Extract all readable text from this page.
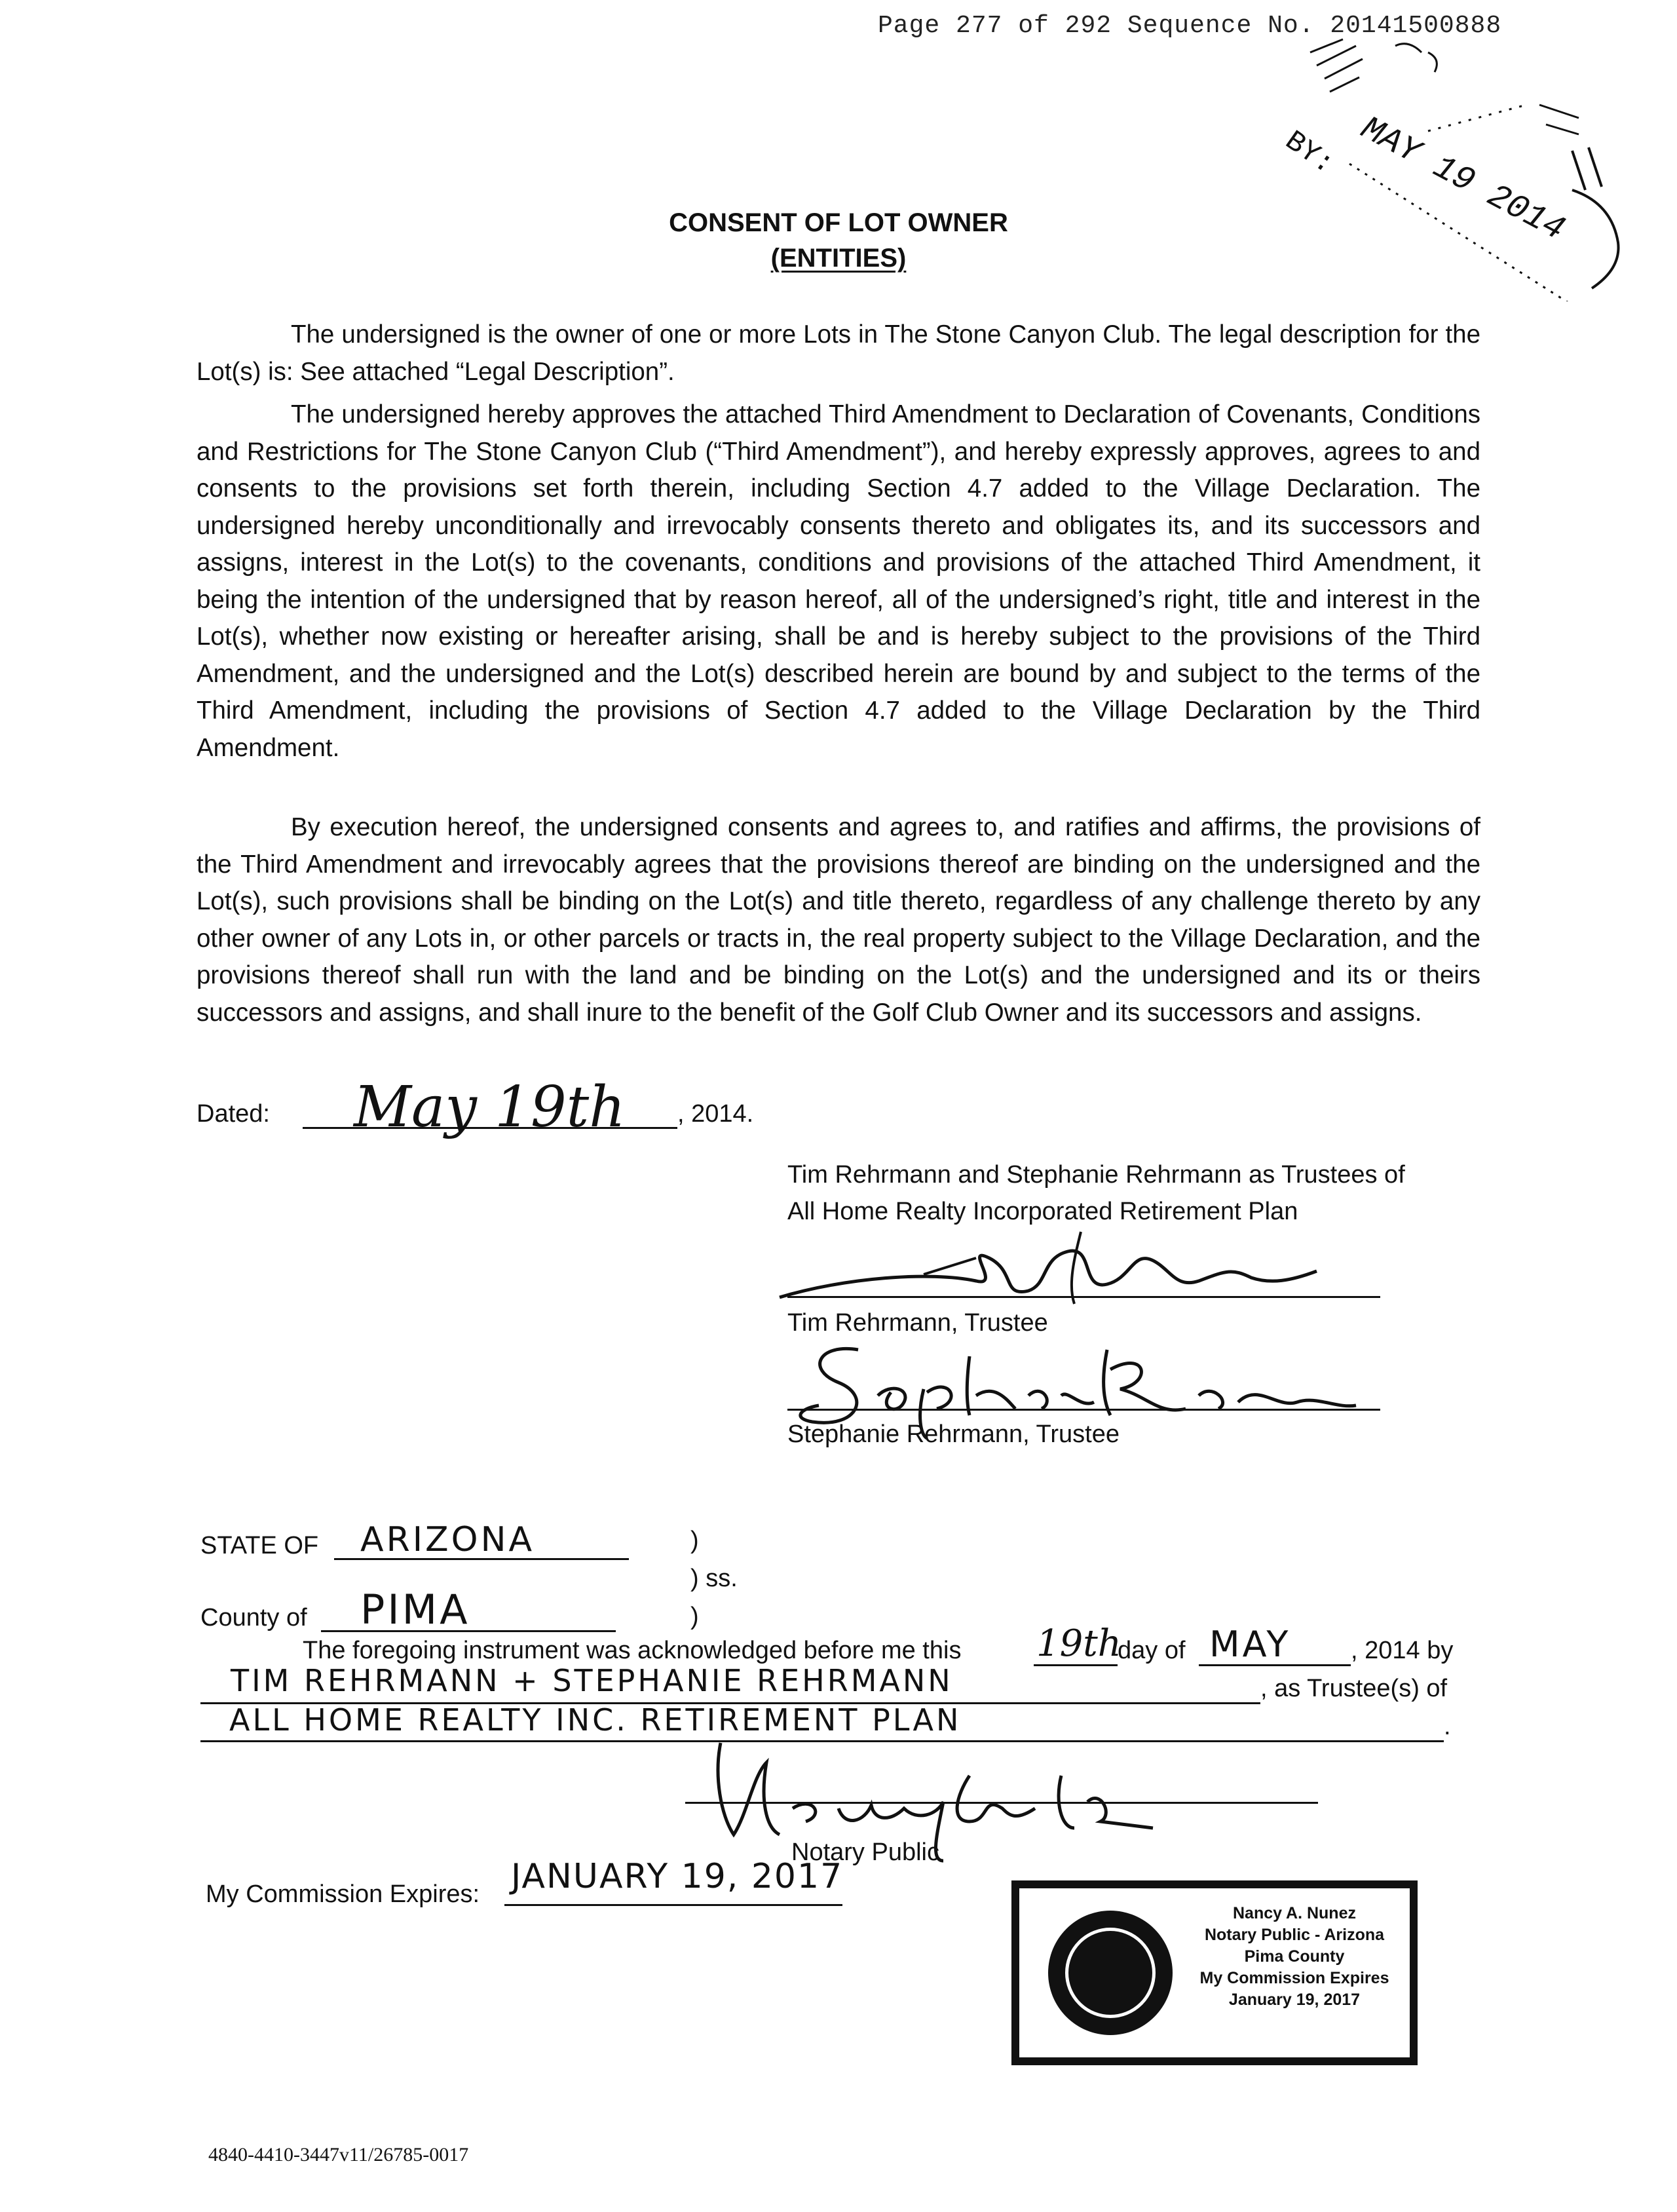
Page 277 of 292 Sequence No. 20141500888
MAY 19 2014
BY:
CONSENT OF LOT OWNER
(ENTITIES)

The undersigned is the owner of one or more Lots in The Stone Canyon Club. The legal description for the Lot(s) is: See attached “Legal Description”.

The undersigned hereby approves the attached Third Amendment to Declaration of Covenants, Conditions and Restrictions for The Stone Canyon Club (“Third Amendment”), and hereby expressly approves, agrees to and consents to the provisions set forth therein, including Section 4.7 added to the Village Declaration. The undersigned hereby unconditionally and irrevocably consents thereto and obligates its, and its successors and assigns, interest in the Lot(s) to the covenants, conditions and provisions of the attached Third Amendment, it being the intention of the undersigned that by reason hereof, all of the undersigned’s right, title and interest in the Lot(s), whether now existing or hereafter arising, shall be and is hereby subject to the provisions of the Third Amendment, and the undersigned and the Lot(s) described herein are bound by and subject to the terms of the Third Amendment, including the provisions of Section 4.7 added to the Village Declaration by the Third Amendment.

By execution hereof, the undersigned consents and agrees to, and ratifies and affirms, the provisions of the Third Amendment and irrevocably agrees that the provisions thereof are binding on the undersigned and the Lot(s), such provisions shall be binding on the Lot(s) and title thereto, regardless of any challenge thereto by any other owner of any Lots in, or other parcels or tracts in, the real property subject to the Village Declaration, and the provisions thereof shall run with the land and be binding on the Lot(s) and the undersigned and its or theirs successors and assigns, and shall inure to the benefit of the Golf Club Owner and its successors and assigns.

Dated: May 19th , 2014.
Tim Rehrmann and Stephanie Rehrmann as Trustees of
All Home Realty Incorporated Retirement Plan
Tim Rehrmann, Trustee
Stephanie Rehrmann, Trustee
STATE OF ARIZONA	)
) ss.
County of PIMA	)
The foregoing instrument was acknowledged before me this 19th
day of MAY , 2014 by
TIM REHRMANN + STEPHANIE REHRMANN	, as Trustee(s) of
ALL HOME REALTY INC. RETIREMENT PLAN	.
Notary Public
My Commission Expires: JANUARY 19, 2017
Nancy A. Nunez
Notary Public - Arizona
Pima County
My Commission Expires
January 19, 2017
4840-4410-3447v11/26785-0017
